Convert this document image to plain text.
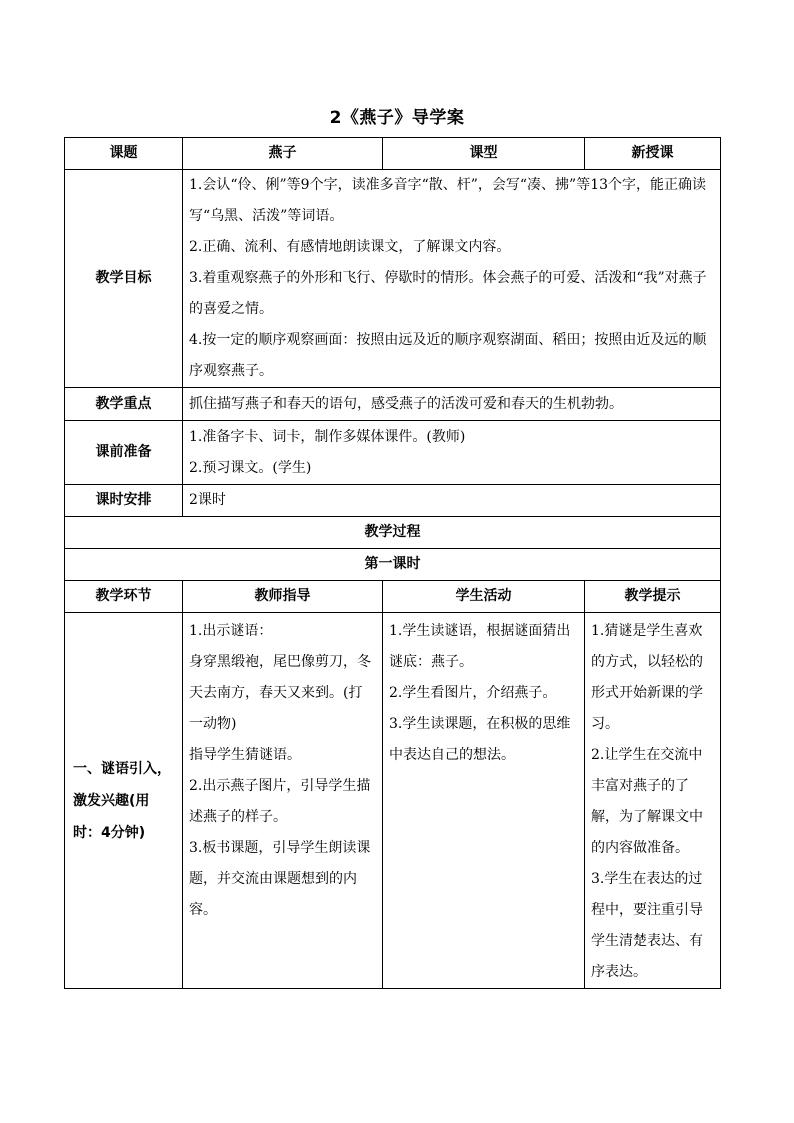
2《燕子》导学案
课题	燕子	课型	新授课
教学目标	1.会认“伶、俐”等9个字，读准多音字“散、杆”，会写“凑、拂”等13个字，能正确读写“乌黑、活泼”等词语。
2.正确、流利、有感情地朗读课文，了解课文内容。
3.着重观察燕子的外形和飞行、停歇时的情形。体会燕子的可爱、活泼和“我”对燕子的喜爱之情。
4.按一定的顺序观察画面：按照由远及近的顺序观察湖面、稻田；按照由近及远的顺序观察燕子。		

教学重点	抓住描写燕子和春天的语句，感受燕子的活泼可爱和春天的生机勃勃。		
课前准备	1.准备字卡、词卡，制作多媒体课件。(教师)
2.预习课文。(学生)		

课时安排	2课时		
教学过程			
第一课时			
教学环节	教师指导	学生活动	教学提示
一、谜语引入，激发兴趣(用时：4分钟)	1.出示谜语：
身穿黑缎袍，尾巴像剪刀，冬天去南方，春天又来到。(打一动物)
指导学生猜谜语。
2.出示燕子图片，引导学生描述燕子的样子。
3.板书课题，引导学生朗读课题，并交流由课题想到的内容。	1.学生读谜语，根据谜面猜出谜底：燕子。
2.学生看图片，介绍燕子。
3.学生读课题，在积极的思维中表达自己的想法。	1.猜谜是学生喜欢的方式，以轻松的形式开始新课的学习。
2.让学生在交流中丰富对燕子的了解，为了解课文中的内容做准备。
3.学生在表达的过程中，要注重引导学生清楚表达、有序表达。
